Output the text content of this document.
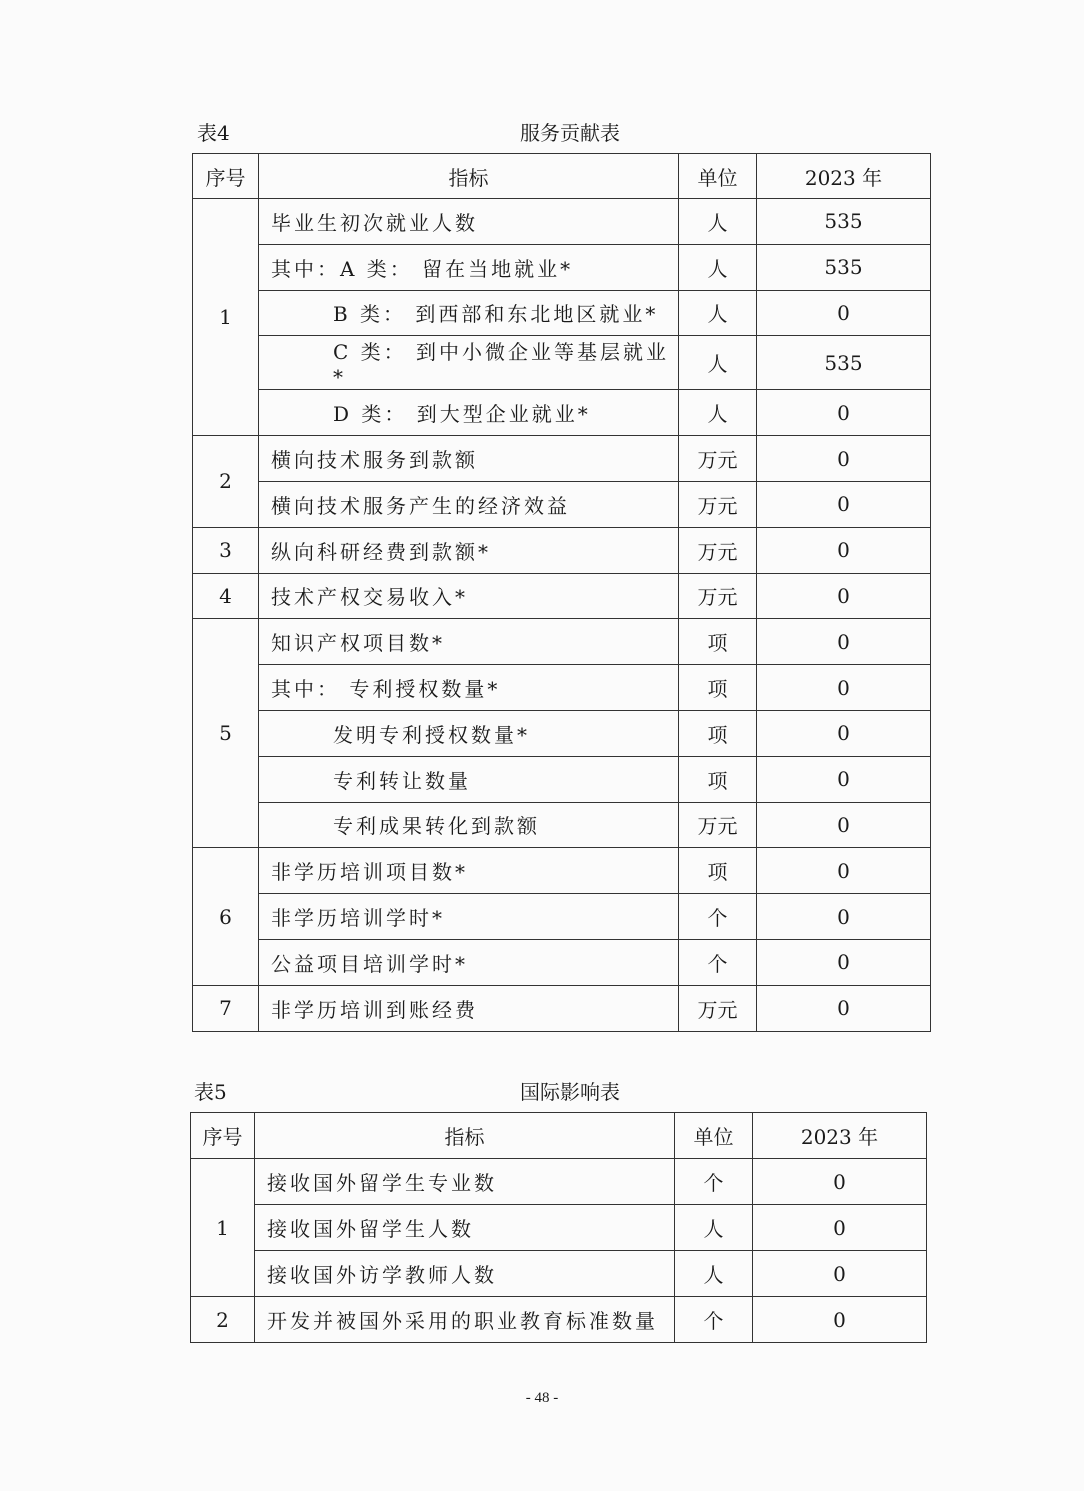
表4	服务贡献表
序号	指标	单位	2023 年
1	毕业生初次就业人数	人	535
	其中：A 类： 留在当地就业*	人	535
	B 类： 到西部和东北地区就业*	人	0
	C 类： 到中小微企业等基层就业*	人	535
	D 类： 到大型企业就业*	人	0
2	横向技术服务到款额	万元	0
	横向技术服务产生的经济效益	万元	0
3	纵向科研经费到款额*	万元	0
4	技术产权交易收入*	万元	0
5	知识产权项目数*	项	0
	其中： 专利授权数量*	项	0
	发明专利授权数量*	项	0
	专利转让数量	项	0
	专利成果转化到款额	万元	0
6	非学历培训项目数*	项	0
	非学历培训学时*	个	0
	公益项目培训学时*	个	0
7	非学历培训到账经费	万元	0
表5	国际影响表
序号	指标	单位	2023 年
1	接收国外留学生专业数	个	0
	接收国外留学生人数	人	0
	接收国外访学教师人数	人	0
2	开发并被国外采用的职业教育标准数量	个	0
- 48 -
